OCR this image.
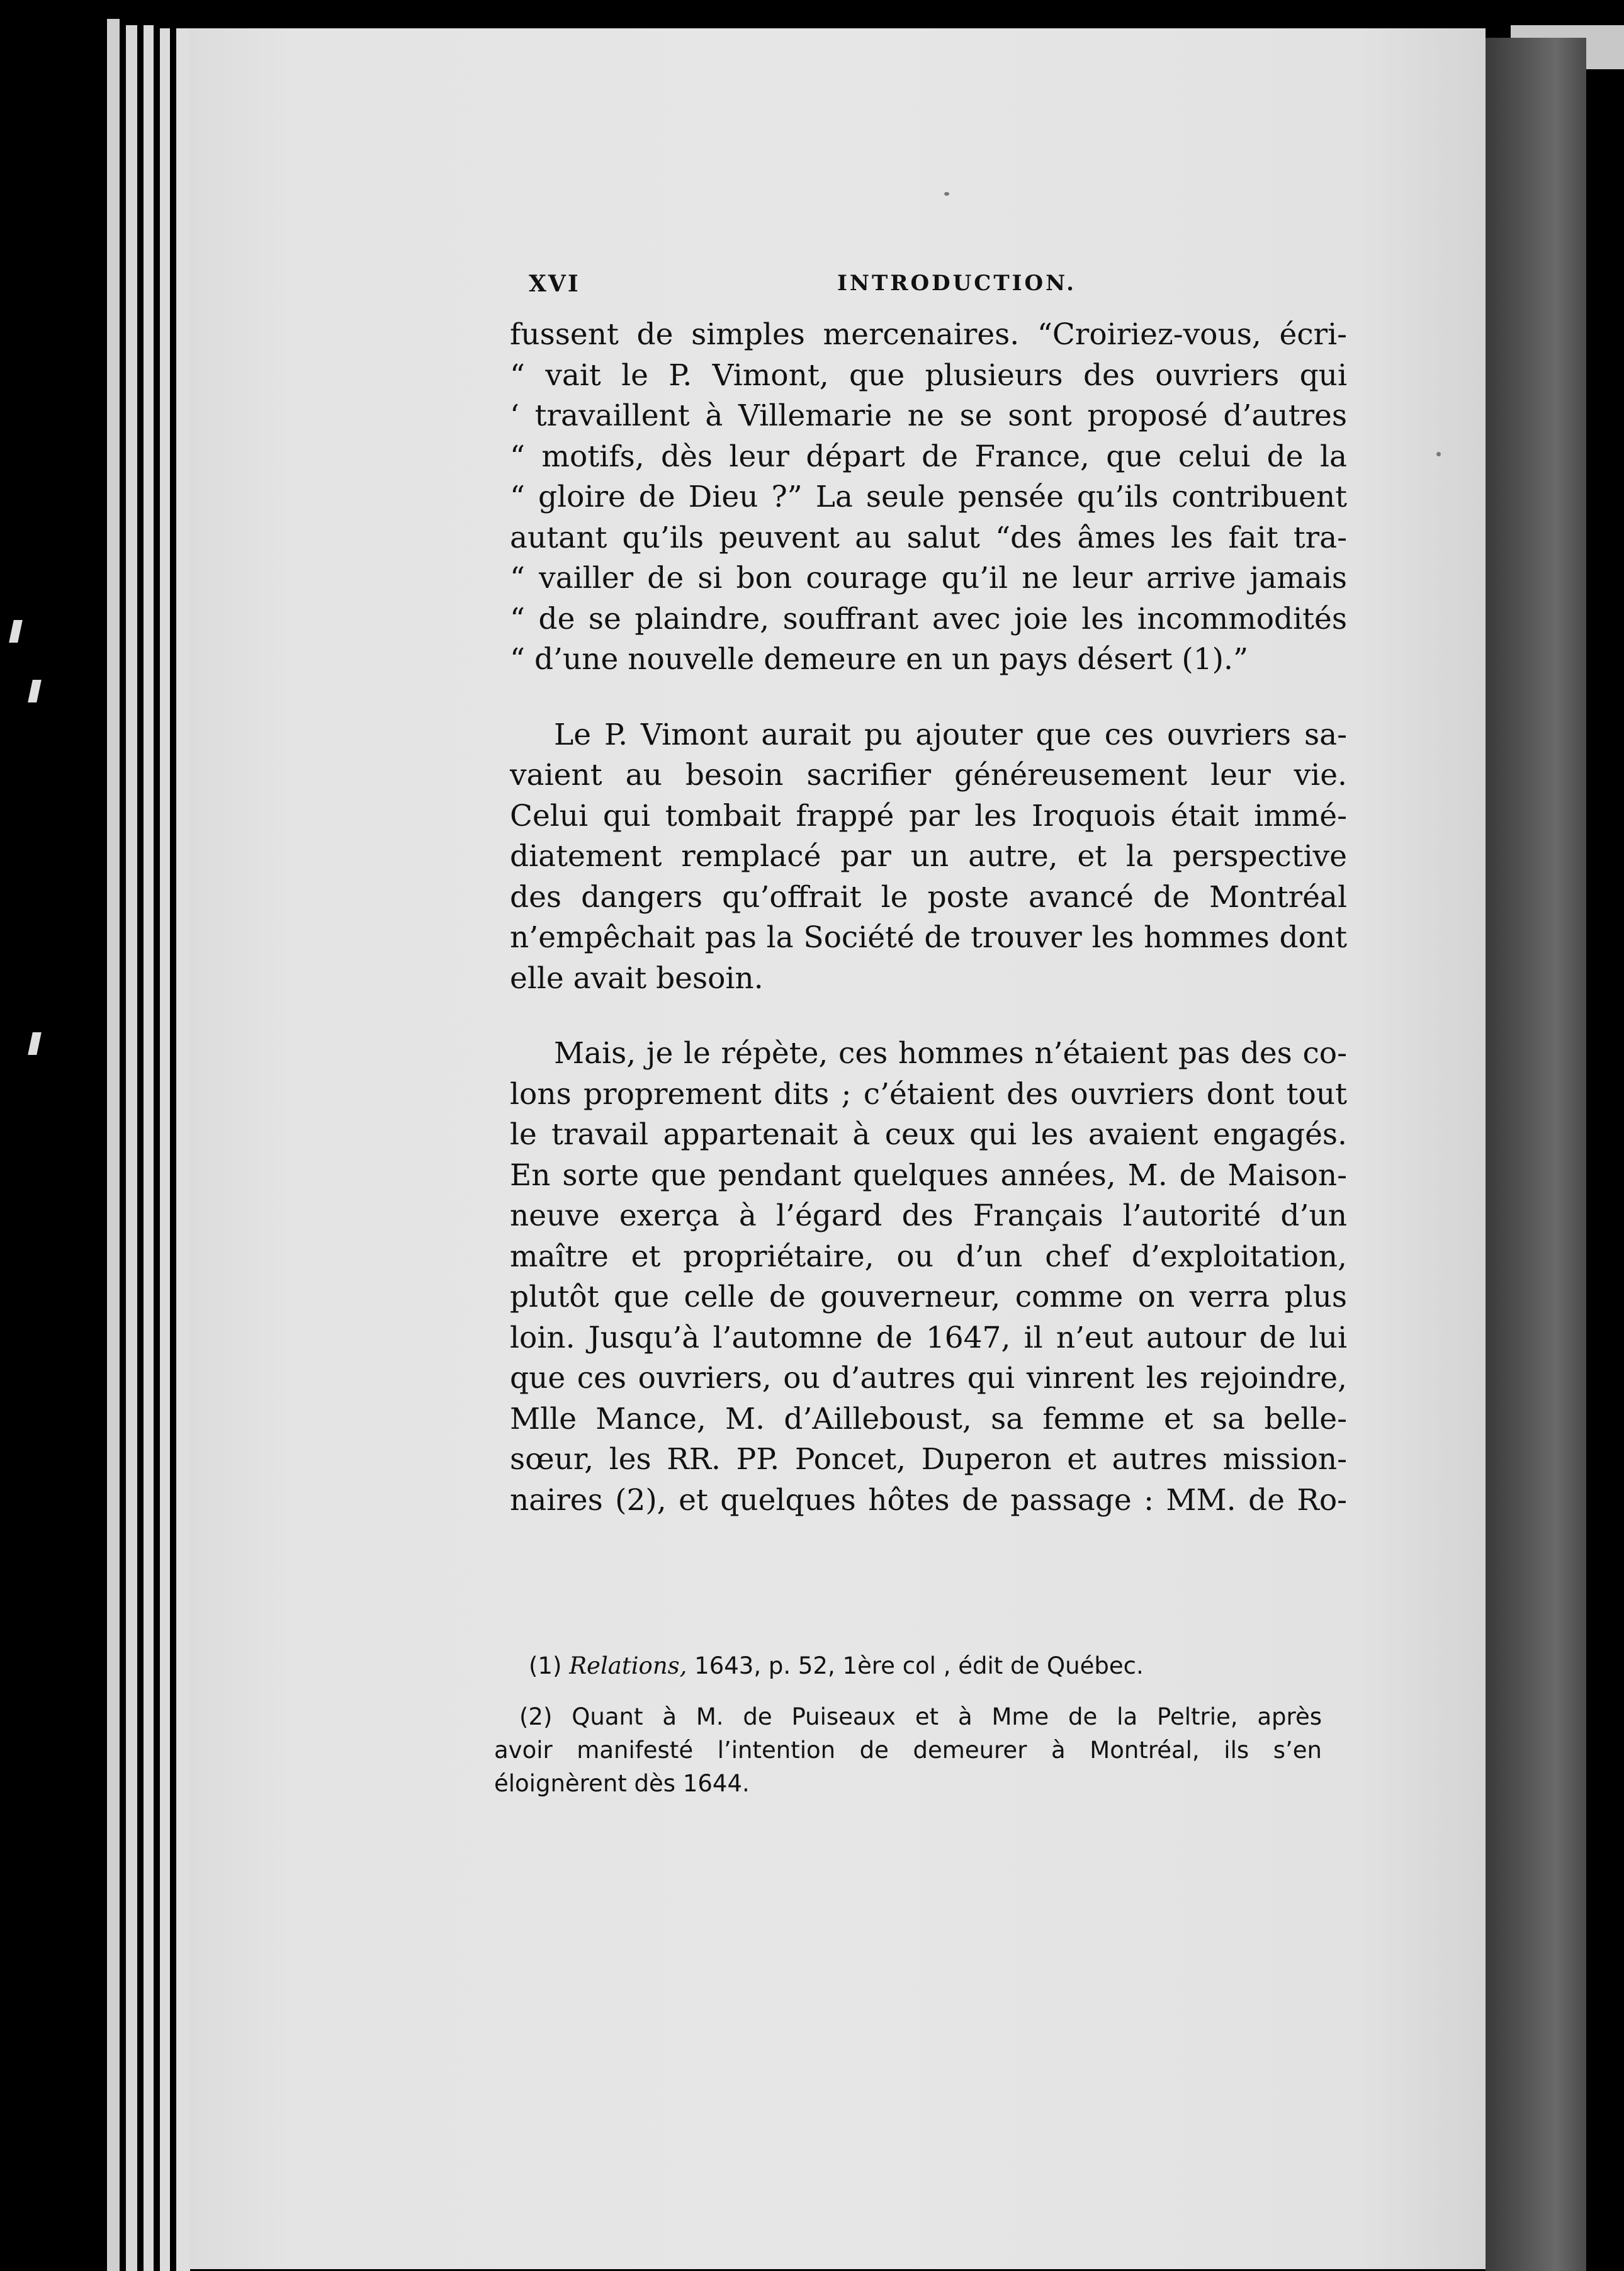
XVI	INTRODUCTION.

fussent de simples mercenaires. “Croiriez-vous, écri-
“ vait le P. Vimont, que plusieurs des ouvriers qui
‘ travaillent à Villemarie ne se sont proposé d’autres
“ motifs, dès leur départ de France, que celui de la
“ gloire de Dieu ?” La seule pensée qu’ils contribuent
autant qu’ils peuvent au salut “des âmes les fait tra-
“ vailler de si bon courage qu’il ne leur arrive jamais
“ de se plaindre, souffrant avec joie les incommodités
“ d’une nouvelle demeure en un pays désert (1).”

Le P. Vimont aurait pu ajouter que ces ouvriers sa-
vaient au besoin sacrifier généreusement leur vie.
Celui qui tombait frappé par les Iroquois était immé-
diatement remplacé par un autre, et la perspective
des dangers qu’offrait le poste avancé de Montréal
n’empêchait pas la Société de trouver les hommes dont
elle avait besoin.

Mais, je le répète, ces hommes n’étaient pas des co-
lons proprement dits ; c’étaient des ouvriers dont tout
le travail appartenait à ceux qui les avaient engagés.
En sorte que pendant quelques années, M. de Maison-
neuve exerça à l’égard des Français l’autorité d’un
maître et propriétaire, ou d’un chef d’exploitation,
plutôt que celle de gouverneur, comme on verra plus
loin. Jusqu’à l’automne de 1647, il n’eut autour de lui
que ces ouvriers, ou d’autres qui vinrent les rejoindre,
Mlle Mance, M. d’Ailleboust, sa femme et sa belle-
sœur, les RR. PP. Poncet, Duperon et autres mission-
naires (2), et quelques hôtes de passage : MM. de Ro-

(1) Relations, 1643, p. 52, 1ère col , édit de Québec.

(2) Quant à M. de Puiseaux et à Mme de la Peltrie, après
avoir manifesté l’intention de demeurer à Montréal, ils s’en
éloignèrent dès 1644.
